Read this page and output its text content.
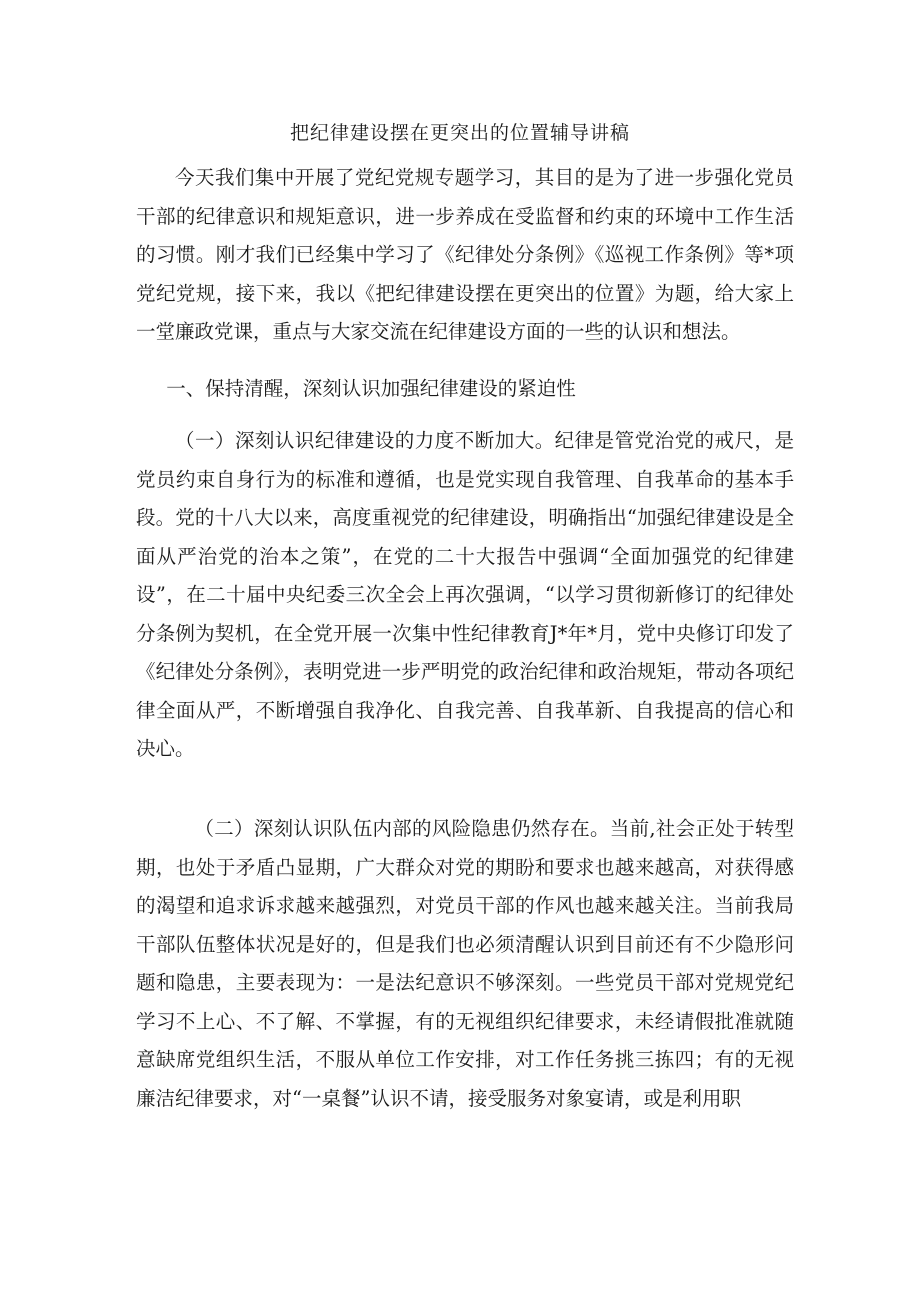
把纪律建设摆在更突出的位置辅导讲稿

今天我们集中开展了党纪党规专题学习，其目的是为了进一步强化党员干部的纪律意识和规矩意识，进一步养成在受监督和约束的环境中工作生活的习惯。刚才我们已经集中学习了《纪律处分条例》《巡视工作条例》等*项党纪党规，接下来，我以《把纪律建设摆在更突出的位置》为题，给大家上一堂廉政党课，重点与大家交流在纪律建设方面的一些的认识和想法。

一、保持清醒，深刻认识加强纪律建设的紧迫性

（一）深刻认识纪律建设的力度不断加大。纪律是管党治党的戒尺，是党员约束自身行为的标准和遵循，也是党实现自我管理、自我革命的基本手段。党的十八大以来，高度重视党的纪律建设，明确指出“加强纪律建设是全面从严治党的治本之策”，在党的二十大报告中强调“全面加强党的纪律建设”，在二十届中央纪委三次全会上再次强调，“以学习贯彻新修订的纪律处分条例为契机，在全党开展一次集中性纪律教育J*年*月，党中央修订印发了《纪律处分条例》，表明党进一步严明党的政治纪律和政治规矩，带动各项纪律全面从严，不断增强自我净化、自我完善、自我革新、自我提高的信心和决心。

（二）深刻认识队伍内部的风险隐患仍然存在。当前,社会正处于转型期，也处于矛盾凸显期，广大群众对党的期盼和要求也越来越高，对获得感的渴望和追求诉求越来越强烈，对党员干部的作风也越来越关注。当前我局干部队伍整体状况是好的，但是我们也必须清醒认识到目前还有不少隐形问题和隐患，主要表现为：一是法纪意识不够深刻。一些党员干部对党规党纪学习不上心、不了解、不掌握，有的无视组织纪律要求，未经请假批准就随意缺席党组织生活，不服从单位工作安排，对工作任务挑三拣四；有的无视廉洁纪律要求，对“一桌餐”认识不请，接受服务对象宴请，或是利用职
